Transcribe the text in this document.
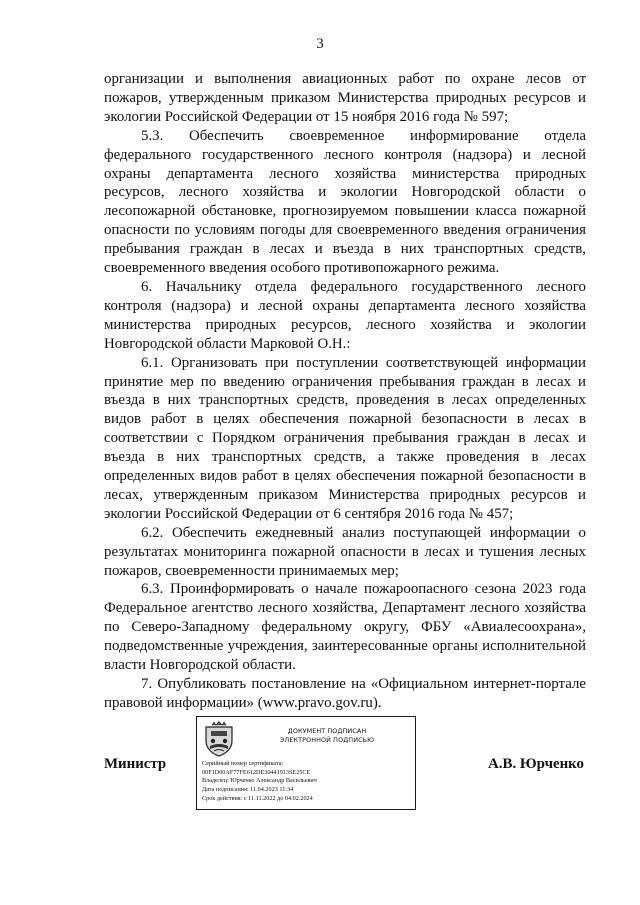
3

организации и выполнения авиационных работ по охране лесов от пожаров, утвержденным приказом Министерства природных ресурсов и экологии Российской Федерации от 15 ноября 2016 года № 597;

5.3. Обеспечить своевременное информирование отдела федерального государственного лесного контроля (надзора) и лесной охраны департамента лесного хозяйства министерства природных ресурсов, лесного хозяйства и экологии Новгородской области о лесопожарной обстановке, прогнозируемом повышении класса пожарной опасности по условиям погоды для своевременного введения ограничения пребывания граждан в лесах и въезда в них транспортных средств, своевременного введения особого противопожарного режима.

6. Начальнику отдела федерального государственного лесного контроля (надзора) и лесной охраны департамента лесного хозяйства министерства природных ресурсов, лесного хозяйства и экологии Новгородской области Марковой О.Н.:

6.1. Организовать при поступлении соответствующей информации принятие мер по введению ограничения пребывания граждан в лесах и въезда в них транспортных средств, проведения в лесах определенных видов работ в целях обеспечения пожарной безопасности в лесах в соответствии с Порядком ограничения пребывания граждан в лесах и въезда в них транспортных средств, а также проведения в лесах определенных видов работ в целях обеспечения пожарной безопасности в лесах, утвержденным приказом Министерства природных ресурсов и экологии Российской Федерации от 6 сентября 2016 года № 457;

6.2. Обеспечить ежедневный анализ поступающей информации о результатах мониторинга пожарной опасности в лесах и тушения лесных пожаров, своевременности принимаемых мер;

6.3. Проинформировать о начале пожароопасного сезона 2023 года Федеральное агентство лесного хозяйства, Департамент лесного хозяйства по Северо-Западному федеральному округу, ФБУ «Авиалесоохрана», подведомственные учреждения, заинтересованные органы исполнительной власти Новгородской области.

7. Опубликовать постановление на «Официальном интернет-портале правовой информации» (www.pravo.gov.ru).

Министр
ДОКУМЕНТ ПОДПИСАН
ЭЛЕКТРОННОЙ ПОДПИСЬЮ
Серийный номер сертификата:
00F1D00AF77FE612DE30441913SE25CE
Владелец: Юрченко Александр Васильевич
Дата подписания: 11.04.2023 11:34
Срок действия: с 11.11.2022 до 04.02.2024
А.В. Юрченко
